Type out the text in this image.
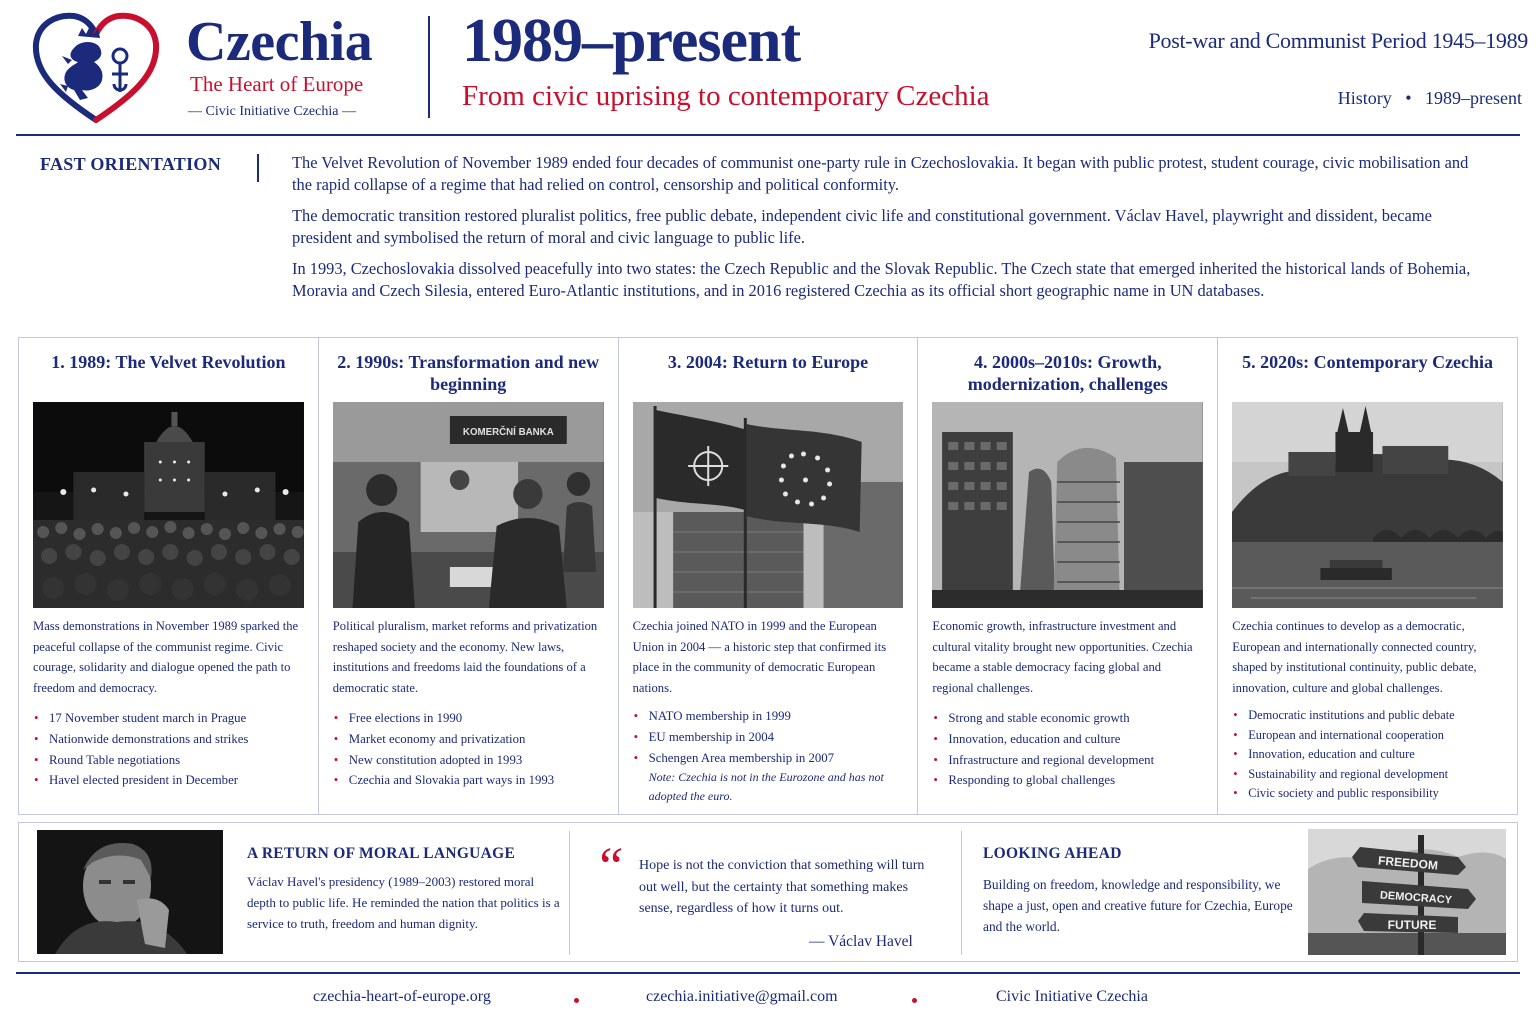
Czechia
The Heart of Europe
— Civic Initiative Czechia —
1989–present
From civic uprising to contemporary Czechia
Post-war and Communist Period 1945–1989
History • 1989–present
FAST ORIENTATION	The Velvet Revolution of November 1989 ended four decades of communist one-party rule in Czechoslovakia. It began with public protest, student courage, civic mobilisation and the rapid collapse of a regime that had relied on control, censorship and political conformity.

The democratic transition restored pluralist politics, free public debate, independent civic life and constitutional government. Václav Havel, playwright and dissident, became president and symbolised the return of moral and civic language to public life.

In 1993, Czechoslovakia dissolved peacefully into two states: the Czech Republic and the Slovak Republic. The Czech state that emerged inherited the historical lands of Bohemia, Moravia and Czech Silesia, entered Euro-Atlantic institutions, and in 2016 registered Czechia as its official short geographic name in UN databases.

1. 1989: The Velvet Revolution
Mass demonstrations in November 1989 sparked the peaceful collapse of the communist regime. Civic courage, solidarity and dialogue opened the path to freedom and democracy.
• 17 November student march in Prague
• Nationwide demonstrations and strikes
• Round Table negotiations
• Havel elected president in December
2. 1990s: Transformation and new beginning
KOMERČNÍ BANKA
Political pluralism, market reforms and privatization reshaped society and the economy. New laws, institutions and freedoms laid the foundations of a democratic state.
• Free elections in 1990
• Market economy and privatization
• New constitution adopted in 1993
• Czechia and Slovakia part ways in 1993
3. 2004: Return to Europe
Czechia joined NATO in 1999 and the European Union in 2004 — a historic step that confirmed its place in the community of democratic European nations.
• NATO membership in 1999
• EU membership in 2004
• Schengen Area membership in 2007
Note: Czechia is not in the Eurozone and has not adopted the euro.
4. 2000s–2010s: Growth, modernization, challenges
Economic growth, infrastructure investment and cultural vitality brought new opportunities. Czechia became a stable democracy facing global and regional challenges.
• Strong and stable economic growth
• Innovation, education and culture
• Infrastructure and regional development
• Responding to global challenges
5. 2020s: Contemporary Czechia
Czechia continues to develop as a democratic, European and internationally connected country, shaped by institutional continuity, public debate, innovation, culture and global challenges.
• Democratic institutions and public debate
• European and international cooperation
• Innovation, education and culture
• Sustainability and regional development
• Civic society and public responsibility
A RETURN OF MORAL LANGUAGE
Václav Havel's presidency (1989–2003) restored moral depth to public life. He reminded the nation that politics is a service to truth, freedom and human dignity.
“ Hope is not the conviction that something will turn out well, but the certainty that something makes sense, regardless of how it turns out.
— Václav Havel
LOOKING AHEAD
Building on freedom, knowledge and responsibility, we shape a just, open and creative future for Czechia, Europe and the world.
FREEDOM
DEMOCRACY
FUTURE
czechia-heart-of-europe.org	czechia.initiative@gmail.com	Civic Initiative Czechia
